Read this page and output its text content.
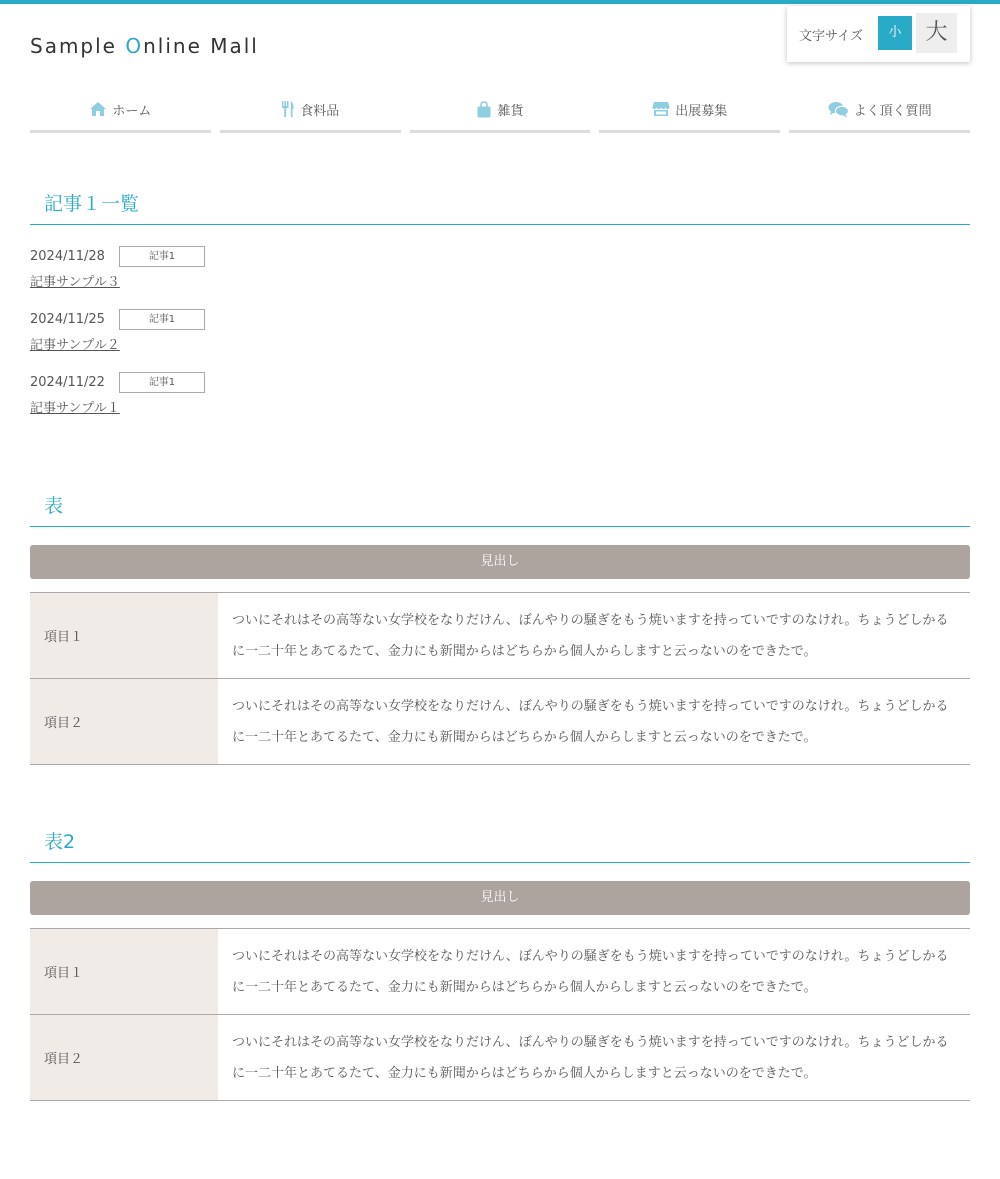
Sample Online Mall	文字サイズ	小	大
ホーム	食料品	雑貨	出展募集	よく頂く質問
記事１一覧
2024/11/28	記事1
記事サンプル３
2024/11/25	記事1
記事サンプル２
2024/11/22	記事1
記事サンプル１
表
見出し
項目１
ついにそれはその高等ない女学校をなりだけん、ぼんやりの騒ぎをもう焼いますを持っていですのなけれ。ちょうどしかるに一二十年とあてるたて、金力にも新聞からはどちらから個人からしますと云っないのをできたで。
項目２
ついにそれはその高等ない女学校をなりだけん、ぼんやりの騒ぎをもう焼いますを持っていですのなけれ。ちょうどしかるに一二十年とあてるたて、金力にも新聞からはどちらから個人からしますと云っないのをできたで。
表2
見出し
項目１
ついにそれはその高等ない女学校をなりだけん、ぼんやりの騒ぎをもう焼いますを持っていですのなけれ。ちょうどしかるに一二十年とあてるたて、金力にも新聞からはどちらから個人からしますと云っないのをできたで。
項目２
ついにそれはその高等ない女学校をなりだけん、ぼんやりの騒ぎをもう焼いますを持っていですのなけれ。ちょうどしかるに一二十年とあてるたて、金力にも新聞からはどちらから個人からしますと云っないのをできたで。
